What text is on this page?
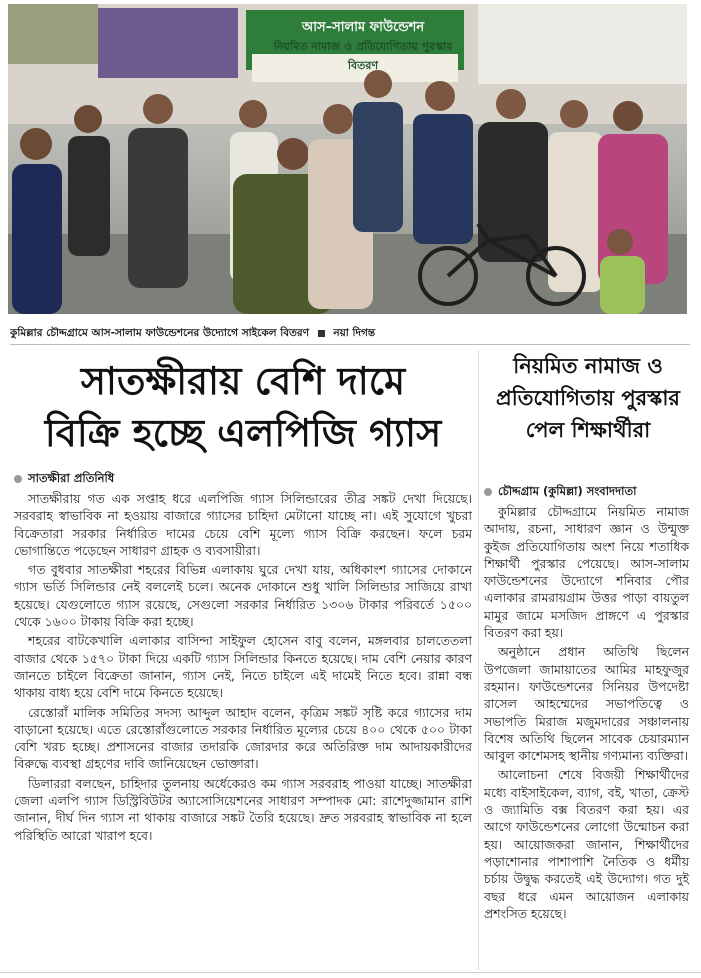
আস–সালাম ফাউন্ডেশন
নিয়মিত নামাজ ও প্রতিযোগিতায় পুরস্কার বিতরণ
কুমিল্লার চৌদ্দগ্রামে আস-সালাম ফাউন্ডেশনের উদ্যোগে সাইকেল বিতরণ নয়া দিগন্ত
সাতক্ষীরায় বেশি দামে
বিক্রি হচ্ছে এলপিজি গ্যাস
নিয়মিত নামাজ ও
প্রতিযোগিতায় পুরস্কার
পেল শিক্ষার্থীরা
সাতক্ষীরা প্রতিনিধি
চৌদ্দগ্রাম (কুমিল্লা) সংবাদদাতা

সাতক্ষীরায় গত এক সপ্তাহ ধরে এলপিজি গ্যাস সিলিন্ডারের তীব্র সঙ্কট দেখা দিয়েছে। সরবরাহ স্বাভাবিক না হওয়ায় বাজারে গ্যাসের চাহিদা মেটানো যাচ্ছে না। এই সুযোগে খুচরা বিক্রেতারা সরকার নির্ধারিত দামের চেয়ে বেশি মূল্যে গ্যাস বিক্রি করছেন। ফলে চরম ভোগান্তিতে পড়েছেন সাধারণ গ্রাহক ও ব্যবসায়ীরা।

গত বুধবার সাতক্ষীরা শহরের বিভিন্ন এলাকায় ঘুরে দেখা যায়, অধিকাংশ গ্যাসের দোকানে গ্যাস ভর্তি সিলিন্ডার নেই বললেই চলে। অনেক দোকানে শুধু খালি সিলিন্ডার সাজিয়ে রাখা হয়েছে। যেগুলোতে গ্যাস রয়েছে, সেগুলো সরকার নির্ধারিত ১৩০৬ টাকার পরিবর্তে ১৫০০ থেকে ১৬০০ টাকায় বিক্রি করা হচ্ছে।

শহরের বাটকেখালি এলাকার বাসিন্দা সাইফুল হোসেন বাবু বলেন, মঙ্গলবার চালতেতলা বাজার থেকে ১৫৭০ টাকা দিয়ে একটি গ্যাস সিলিন্ডার কিনতে হয়েছে। দাম বেশি নেয়ার কারণ জানতে চাইলে বিক্রেতা জানান, গ্যাস নেই, নিতে চাইলে এই দামেই নিতে হবে। রান্না বন্ধ থাকায় বাধ্য হয়ে বেশি দামে কিনতে হয়েছে।

রেস্তোরাঁ মালিক সমিতির সদস্য আব্দুল আহাদ বলেন, কৃত্রিম সঙ্কট সৃষ্টি করে গ্যাসের দাম বাড়ানো হয়েছে। এতে রেস্তোরাঁগুলোতে সরকার নির্ধারিত মূল্যের চেয়ে ৪০০ থেকে ৫০০ টাকা বেশি খরচ হচ্ছে। প্রশাসনের বাজার তদারকি জোরদার করে অতিরিক্ত দাম আদায়কারীদের বিরুদ্ধে ব্যবস্থা গ্রহণের দাবি জানিয়েছেন ভোক্তারা।

ডিলাররা বলছেন, চাহিদার তুলনায় অর্ধেকেরও কম গ্যাস সরবরাহ পাওয়া যাচ্ছে। সাতক্ষীরা জেলা এলপি গ্যাস ডিস্ট্রিবিউটর অ্যাসোসিয়েশনের সাধারণ সম্পাদক মো: রাশেদুজ্জামান রাশি জানান, দীর্ঘ দিন গ্যাস না থাকায় বাজারে সঙ্কট তৈরি হয়েছে। দ্রুত সরবরাহ স্বাভাবিক না হলে পরিস্থিতি আরো খারাপ হবে।

কুমিল্লার চৌদ্দগ্রামে নিয়মিত নামাজ আদায়, রচনা, সাধারণ জ্ঞান ও উন্মুক্ত কুইজ প্রতিযোগিতায় অংশ নিয়ে শতাধিক শিক্ষার্থী পুরস্কার পেয়েছে। আস-সালাম ফাউন্ডেশনের উদ্যোগে শনিবার পৌর এলাকার রামরায়গ্রাম উত্তর পাড়া বায়তুল মামুর জামে মসজিদ প্রাঙ্গণে এ পুরস্কার বিতরণ করা হয়।

অনুষ্ঠানে প্রধান অতিথি ছিলেন উপজেলা জামায়াতের আমির মাহফুজুর রহমান। ফাউন্ডেশনের সিনিয়র উপদেষ্টা রাসেল আহম্মেদের সভাপতিত্বে ও সভাপতি মিরাজ মজুমদারের সঞ্চালনায় বিশেষ অতিথি ছিলেন সাবেক চেয়ারম্যান আবুল কাশেমসহ স্থানীয় গণ্যমান্য ব্যক্তিরা।

আলোচনা শেষে বিজয়ী শিক্ষার্থীদের মধ্যে বাইসাইকেল, ব্যাগ, বই, খাতা, ক্রেস্ট ও জ্যামিতি বক্স বিতরণ করা হয়। এর আগে ফাউন্ডেশনের লোগো উন্মোচন করা হয়। আয়োজকরা জানান, শিক্ষার্থীদের পড়াশোনার পাশাপাশি নৈতিক ও ধর্মীয় চর্চায় উদ্বুদ্ধ করতেই এই উদ্যোগ। গত দুই বছর ধরে এমন আয়োজন এলাকায় প্রশংসিত হয়েছে।
